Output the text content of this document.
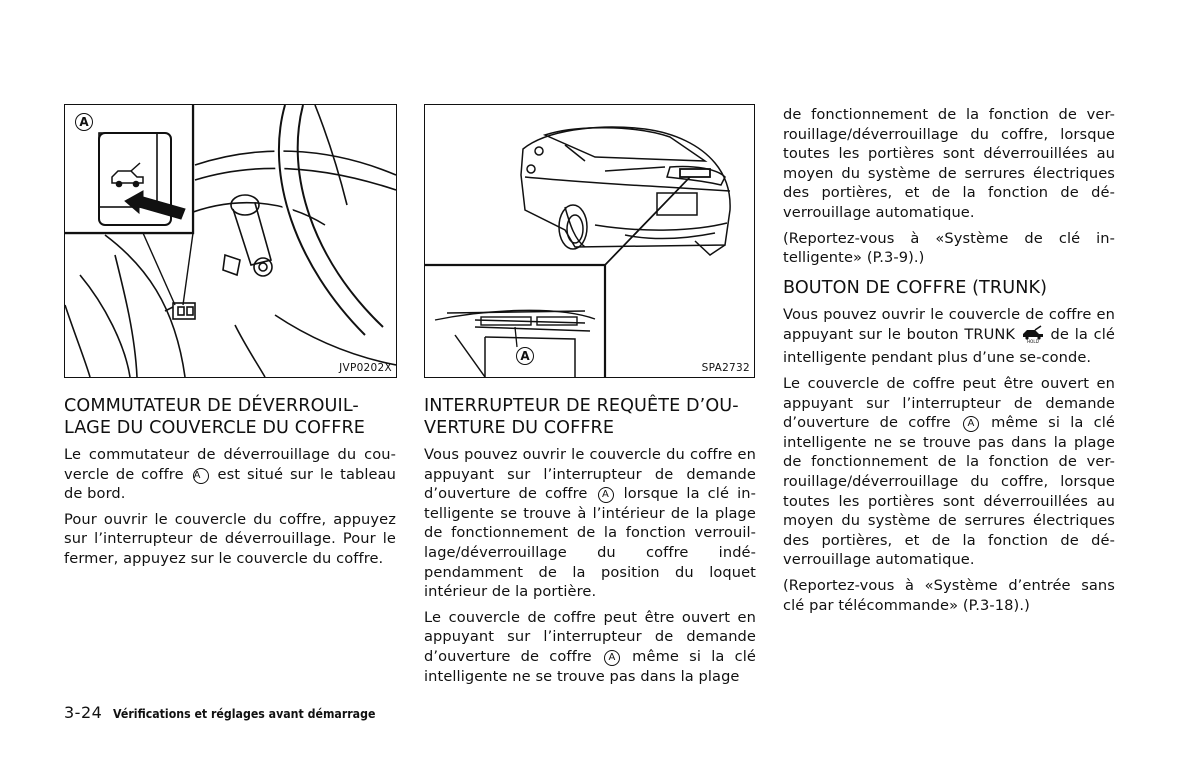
A
JVP0202X
A
SPA2732
COMMUTATEUR DE DÉVERROUIL-
LAGE DU COUVERCLE DU COFFRE

Le commutateur de déverrouillage du cou-
vercle de coffre A est situé sur le tableau
de bord.

Pour ouvrir le couvercle du coffre, appuyez sur l’interrupteur de déverrouillage. Pour le fermer, appuyez sur le couvercle du coffre.

INTERRUPTEUR DE REQUÊTE D’OU-
VERTURE DU COFFRE

Vous pouvez ouvrir le couvercle du coffre en appuyant sur l’interrupteur de demande d’ouverture de coffre A lorsque la clé in-telligente se trouve à l’intérieur de la plage de fonctionnement de la fonction verrouil-lage/déverrouillage du coffre indé-pendamment de la position du loquet intérieur de la portière.

Le couvercle de coffre peut être ouvert en appuyant sur l’interrupteur de demande d’ouverture de coffre A même si la clé intelligente ne se trouve pas dans la plage

de fonctionnement de la fonction de ver-rouillage/déverrouillage du coffre, lorsque toutes les portières sont déverrouillées au moyen du système de serrures électriques des portières, et de la fonction de dé-verrouillage automatique.

(Reportez-vous à «Système de clé in-telligente» (P.3-9).)

BOUTON DE COFFRE (TRUNK)

Vous pouvez ouvrir le couvercle de coffre en appuyant sur le bouton TRUNK	HOLD de la clé intelligente pendant plus d’une se-conde.

Le couvercle de coffre peut être ouvert en appuyant sur l’interrupteur de demande d’ouverture de coffre A même si la clé intelligente ne se trouve pas dans la plage de fonctionnement de la fonction de ver-rouillage/déverrouillage du coffre, lorsque toutes les portières sont déverrouillées au moyen du système de serrures électriques des portières, et de la fonction de dé-verrouillage automatique.

(Reportez-vous à «Système d’entrée sans clé par télécommande» (P.3-18).)

3-24 Vérifications et réglages avant démarrage
